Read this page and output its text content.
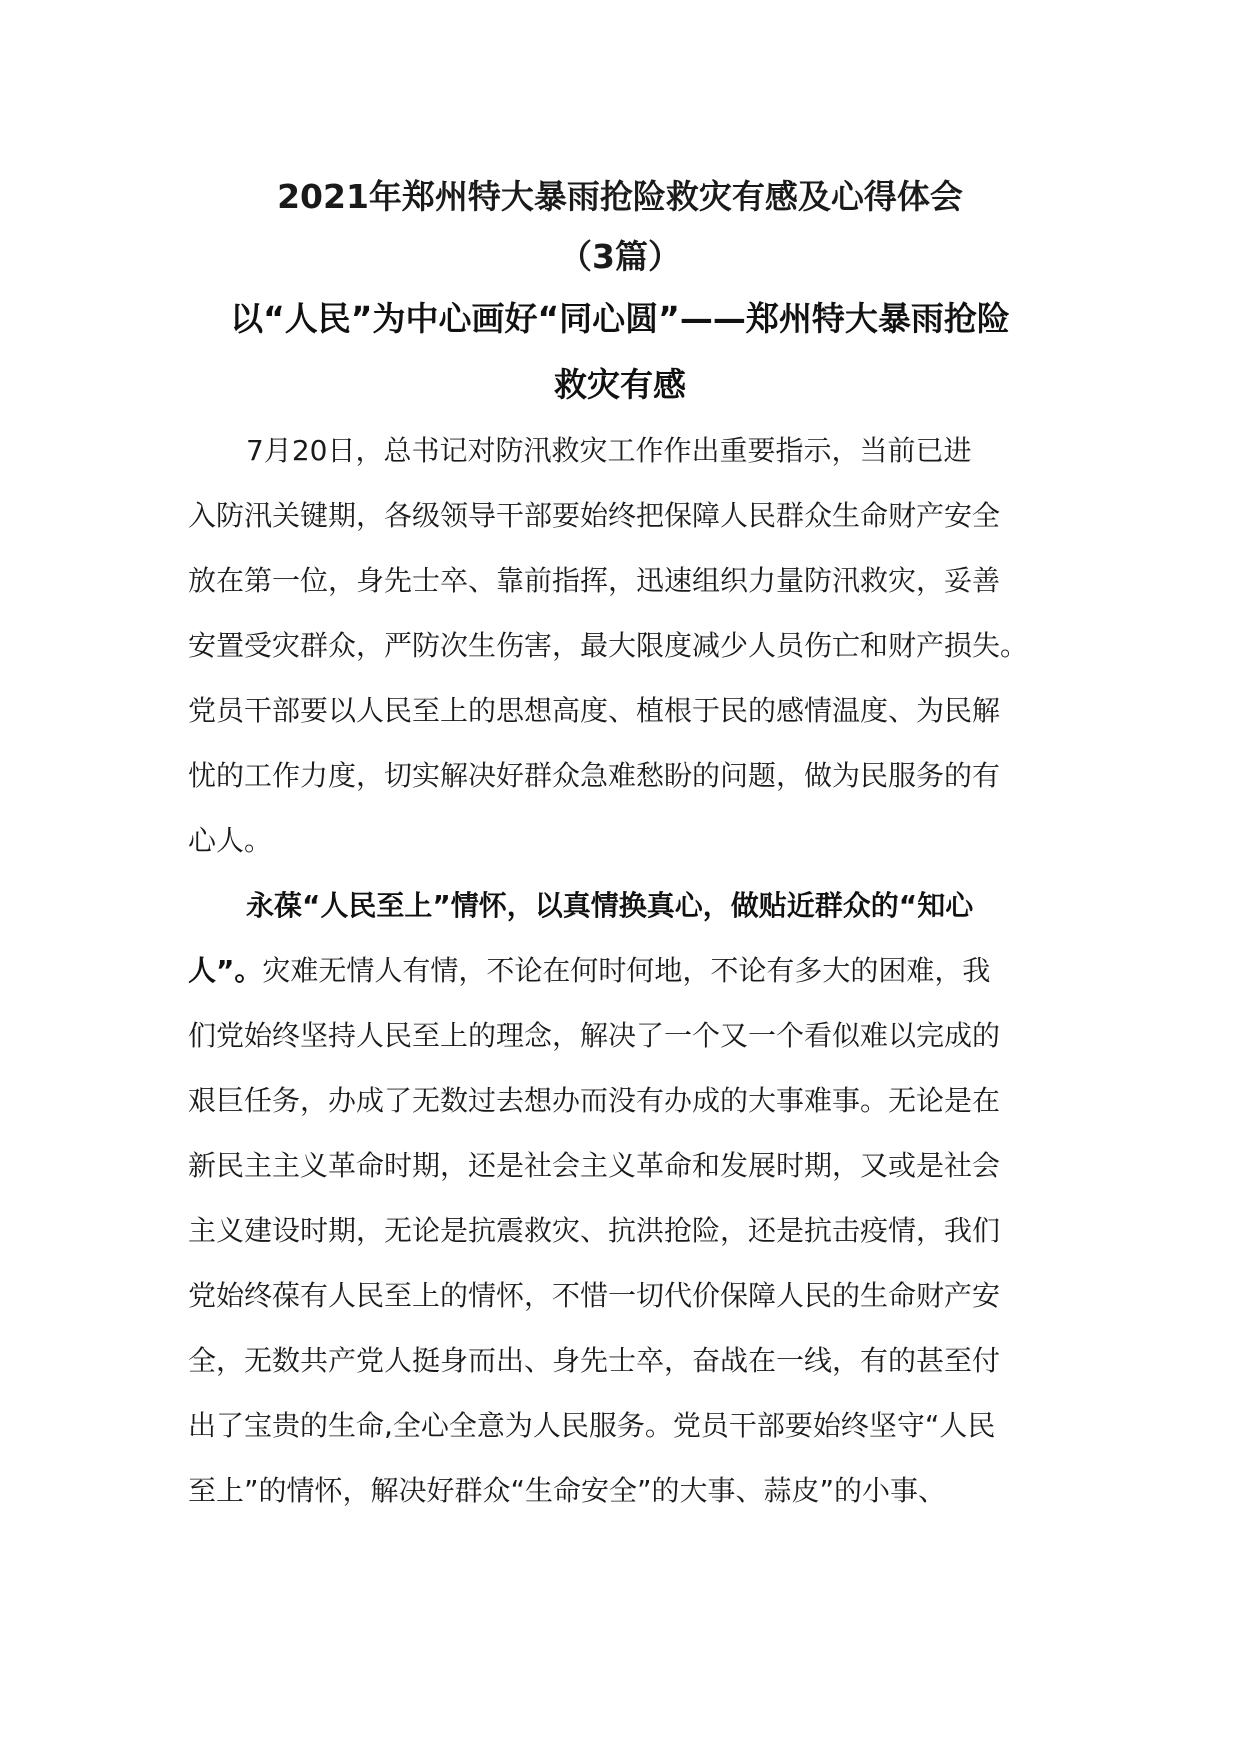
2021年郑州特大暴雨抢险救灾有感及心得体会
（3篇）
以“人民”为中心画好“同心圆”——郑州特大暴雨抢险
救灾有感
7月20日，总书记对防汛救灾工作作出重要指示，当前已进
入防汛关键期，各级领导干部要始终把保障人民群众生命财产安全
放在第一位，身先士卒、靠前指挥，迅速组织力量防汛救灾，妥善
安置受灾群众，严防次生伤害，最大限度减少人员伤亡和财产损失。
党员干部要以人民至上的思想高度、植根于民的感情温度、为民解
忧的工作力度，切实解决好群众急难愁盼的问题，做为民服务的有
心人。
永葆“人民至上”情怀，以真情换真心，做贴近群众的“知心
人”。灾难无情人有情，不论在何时何地，不论有多大的困难，我
们党始终坚持人民至上的理念，解决了一个又一个看似难以完成的
艰巨任务，办成了无数过去想办而没有办成的大事难事。无论是在
新民主主义革命时期，还是社会主义革命和发展时期，又或是社会
主义建设时期，无论是抗震救灾、抗洪抢险，还是抗击疫情，我们
党始终葆有人民至上的情怀，不惜一切代价保障人民的生命财产安
全，无数共产党人挺身而出、身先士卒，奋战在一线，有的甚至付
出了宝贵的生命,全心全意为人民服务。党员干部要始终坚守“人民
至上”的情怀，解决好群众“生命安全”的大事、蒜皮”的小事、
